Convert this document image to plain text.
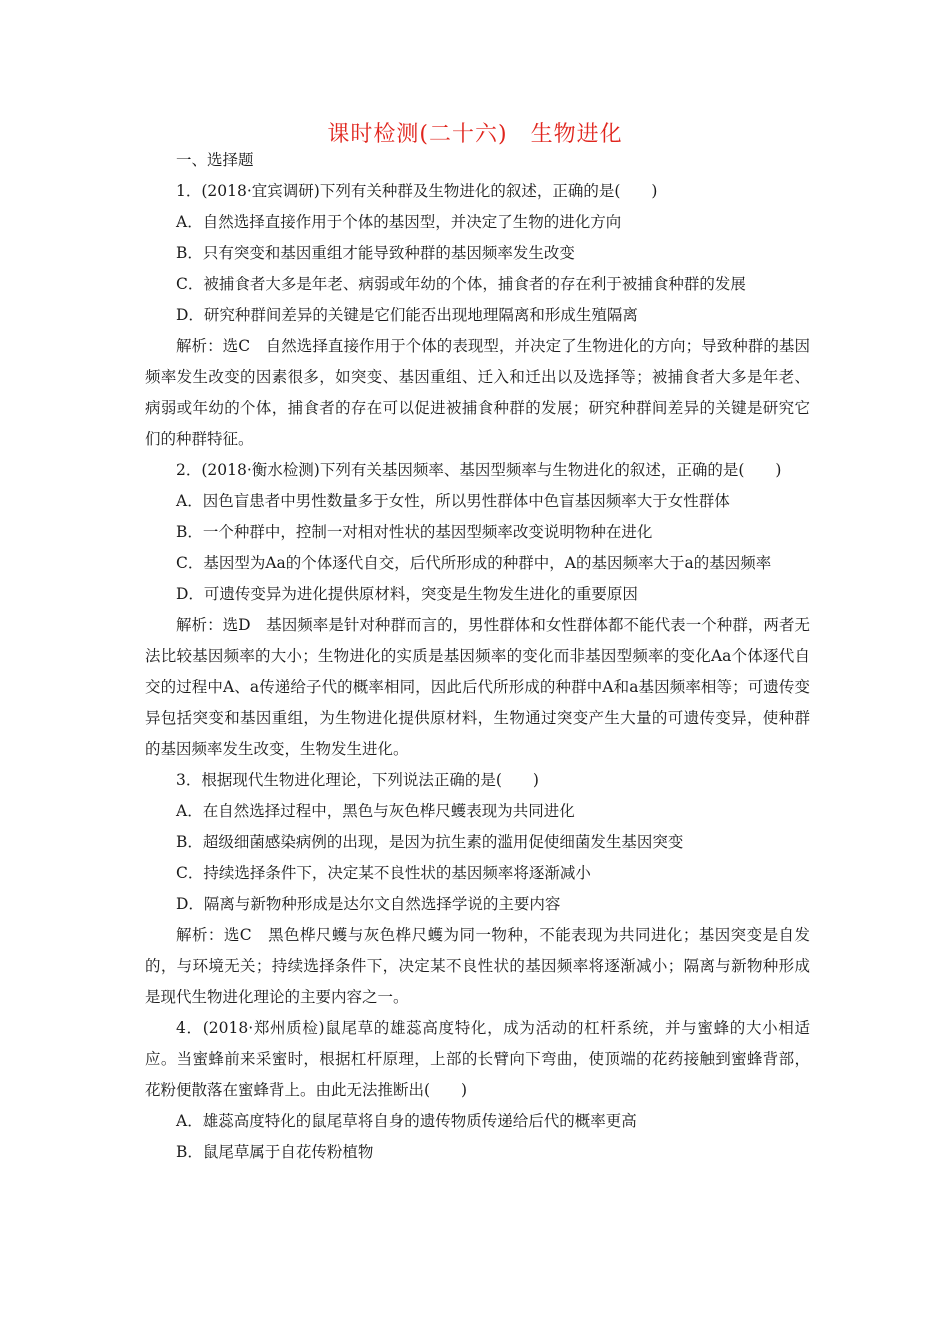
课时检测(二十六)　生物进化
一、选择题
1．(2018·宜宾调研)下列有关种群及生物进化的叙述，正确的是(　　)
A．自然选择直接作用于个体的基因型，并决定了生物的进化方向
B．只有突变和基因重组才能导致种群的基因频率发生改变
C．被捕食者大多是年老、病弱或年幼的个体，捕食者的存在利于被捕食种群的发展
D．研究种群间差异的关键是它们能否出现地理隔离和形成生殖隔离
解析：选C　自然选择直接作用于个体的表现型，并决定了生物进化的方向；导致种群的基因频率发生改变的因素很多，如突变、基因重组、迁入和迁出以及选择等；被捕食者大多是年老、病弱或年幼的个体，捕食者的存在可以促进被捕食种群的发展；研究种群间差异的关键是研究它们的种群特征。
2．(2018·衡水检测)下列有关基因频率、基因型频率与生物进化的叙述，正确的是(　　)
A．因色盲患者中男性数量多于女性，所以男性群体中色盲基因频率大于女性群体
B．一个种群中，控制一对相对性状的基因型频率改变说明物种在进化
C．基因型为Aa的个体逐代自交，后代所形成的种群中，A的基因频率大于a的基因频率
D．可遗传变异为进化提供原材料，突变是生物发生进化的重要原因
解析：选D　基因频率是针对种群而言的，男性群体和女性群体都不能代表一个种群，两者无法比较基因频率的大小；生物进化的实质是基因频率的变化而非基因型频率的变化Aa个体逐代自交的过程中A、a传递给子代的概率相同，因此后代所形成的种群中A和a基因频率相等；可遗传变异包括突变和基因重组，为生物进化提供原材料，生物通过突变产生大量的可遗传变异，使种群的基因频率发生改变，生物发生进化。
3．根据现代生物进化理论，下列说法正确的是(　　)
A．在自然选择过程中，黑色与灰色桦尺蠖表现为共同进化
B．超级细菌感染病例的出现，是因为抗生素的滥用促使细菌发生基因突变
C．持续选择条件下，决定某不良性状的基因频率将逐渐减小
D．隔离与新物种形成是达尔文自然选择学说的主要内容
解析：选C　黑色桦尺蠖与灰色桦尺蠖为同一物种，不能表现为共同进化；基因突变是自发的，与环境无关；持续选择条件下，决定某不良性状的基因频率将逐渐减小；隔离与新物种形成是现代生物进化理论的主要内容之一。
4．(2018·郑州质检)鼠尾草的雄蕊高度特化，成为活动的杠杆系统，并与蜜蜂的大小相适应。当蜜蜂前来采蜜时，根据杠杆原理，上部的长臂向下弯曲，使顶端的花药接触到蜜蜂背部，花粉便散落在蜜蜂背上。由此无法推断出(　　)
A．雄蕊高度特化的鼠尾草将自身的遗传物质传递给后代的概率更高
B．鼠尾草属于自花传粉植物
